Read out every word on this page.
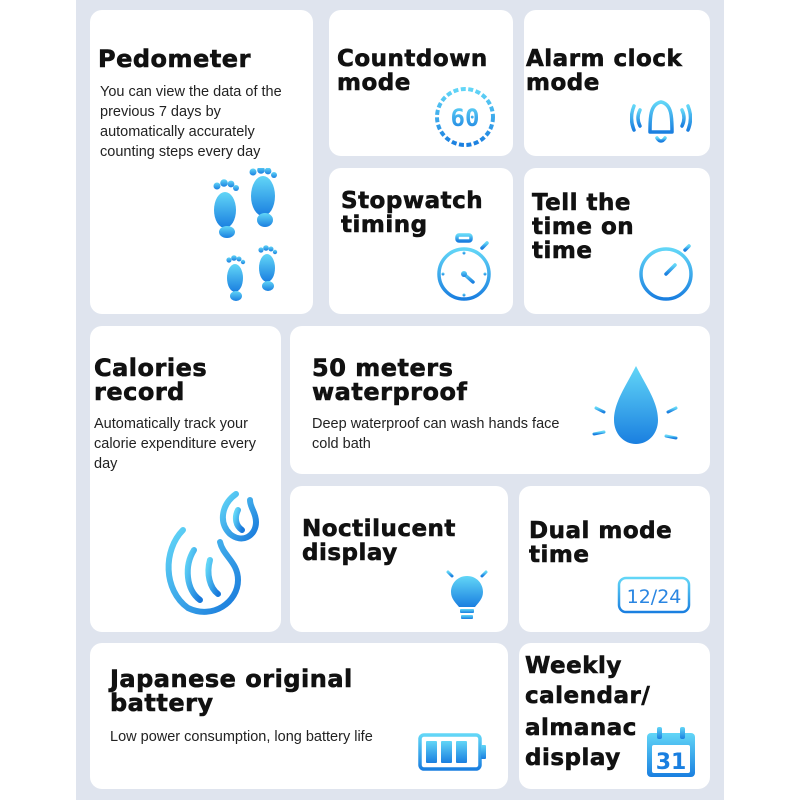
Pedometer
You can view the data of the previous 7 days by automatically accurately counting steps every day
Countdown
mode
60
Alarm clock
mode
Stopwatch
timing
Tell the
time on
time
Calories
record
Automatically track your calorie expenditure every day
50 meters
waterproof
Deep waterproof can wash hands face cold bath
Noctilucent
display
Dual mode
time
12/24
Japanese original
battery
Low power consumption, long battery life
Weekly
calendar/
almanac
display 31
